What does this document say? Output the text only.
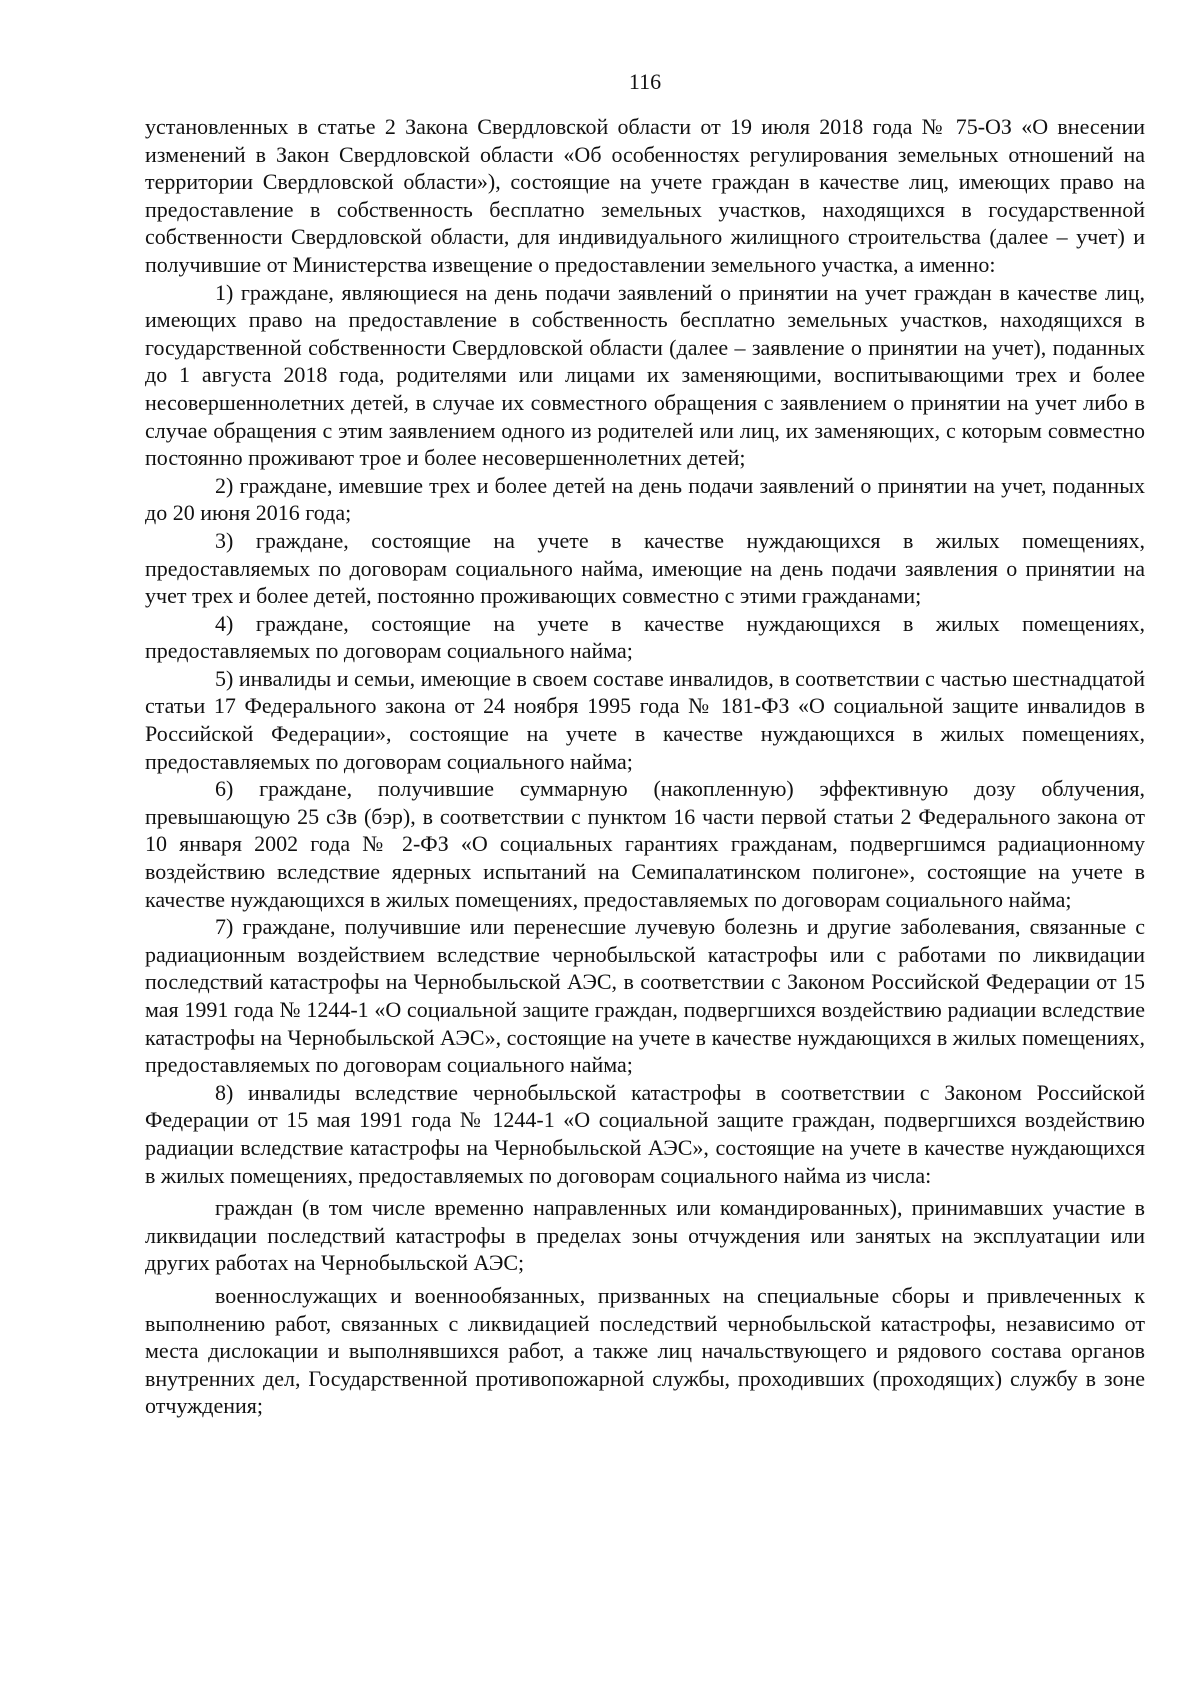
116

установленных в статье 2 Закона Свердловской области от 19 июля 2018 года № 75-ОЗ «О внесении изменений в Закон Свердловской области «Об особенностях регулирования земельных отношений на территории Свердловской области»), состоящие на учете граждан в качестве лиц, имеющих право на предоставление в собственность бесплатно земельных участков, находящихся в государственной собственности Свердловской области, для индивидуального жилищного строительства (далее – учет) и получившие от Министерства извещение о предоставлении земельного участка, а именно:

1) граждане, являющиеся на день подачи заявлений о принятии на учет граждан в качестве лиц, имеющих право на предоставление в собственность бесплатно земельных участков, находящихся в государственной собственности Свердловской области (далее – заявление о принятии на учет), поданных до 1 августа 2018 года, родителями или лицами их заменяющими, воспитывающими трех и более несовершеннолетних детей, в случае их совместного обращения с заявлением о принятии на учет либо в случае обращения с этим заявлением одного из родителей или лиц, их заменяющих, с которым совместно постоянно проживают трое и более несовершеннолетних детей;

2) граждане, имевшие трех и более детей на день подачи заявлений о принятии на учет, поданных до 20 июня 2016 года;

3) граждане, состоящие на учете в качестве нуждающихся в жилых помещениях, предоставляемых по договорам социального найма, имеющие на день подачи заявления о принятии на учет трех и более детей, постоянно проживающих совместно с этими гражданами;

4) граждане, состоящие на учете в качестве нуждающихся в жилых помещениях, предоставляемых по договорам социального найма;

5) инвалиды и семьи, имеющие в своем составе инвалидов, в соответствии с частью шестнадцатой статьи 17 Федерального закона от 24 ноября 1995 года № 181-ФЗ «О социальной защите инвалидов в Российской Федерации», состоящие на учете в качестве нуждающихся в жилых помещениях, предоставляемых по договорам социального найма;

6) граждане, получившие суммарную (накопленную) эффективную дозу облучения, превышающую 25 сЗв (бэр), в соответствии с пунктом 16 части первой статьи 2 Федерального закона от 10 января 2002 года № 2-ФЗ «О социальных гарантиях гражданам, подвергшимся радиационному воздействию вследствие ядерных испытаний на Семипалатинском полигоне», состоящие на учете в качестве нуждающихся в жилых помещениях, предоставляемых по договорам социального найма;

7) граждане, получившие или перенесшие лучевую болезнь и другие заболевания, связанные с радиационным воздействием вследствие чернобыльской катастрофы или с работами по ликвидации последствий катастрофы на Чернобыльской АЭС, в соответствии с Законом Российской Федерации от 15 мая 1991 года № 1244-1 «О социальной защите граждан, подвергшихся воздействию радиации вследствие катастрофы на Чернобыльской АЭС», состоящие на учете в качестве нуждающихся в жилых помещениях, предоставляемых по договорам социального найма;

8) инвалиды вследствие чернобыльской катастрофы в соответствии с Законом Российской Федерации от 15 мая 1991 года № 1244-1 «О социальной защите граждан, подвергшихся воздействию радиации вследствие катастрофы на Чернобыльской АЭС», состоящие на учете в качестве нуждающихся в жилых помещениях, предоставляемых по договорам социального найма из числа:

граждан (в том числе временно направленных или командированных), принимавших участие в ликвидации последствий катастрофы в пределах зоны отчуждения или занятых на эксплуатации или других работах на Чернобыльской АЭС;

военнослужащих и военнообязанных, призванных на специальные сборы и привлеченных к выполнению работ, связанных с ликвидацией последствий чернобыльской катастрофы, независимо от места дислокации и выполнявшихся работ, а также лиц начальствующего и рядового состава органов внутренних дел, Государственной противопожарной службы, проходивших (проходящих) службу в зоне отчуждения;
